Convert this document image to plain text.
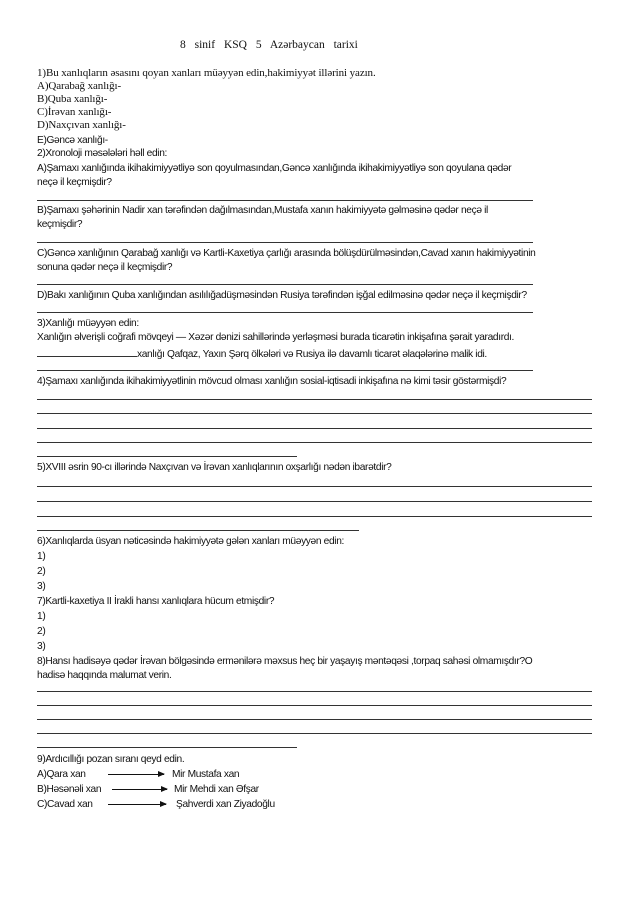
8 sinif KSQ 5 Azərbaycan tarixi
1)Bu xanlıqların əsasını qoyan xanları müəyyən edin,hakimiyyət illərini yazın.
A)Qarabağ xanlığı-
B)Quba xanlığı-
C)İrəvan xanlığı-
D)Naxçıvan xanlığı-
E)Gəncə xanlığı-
2)Xronoloji məsələləri həll edin:
A)Şamaxı xanlığında ikihakimiyyətliyə son qoyulmasından,Gəncə xanlığında ikihakimiyyətliyə son qoyulana qədər
neçə il keçmişdir?
B)Şamaxı şəhərinin Nadir xan tərəfindən dağılmasından,Mustafa xanın hakimiyyətə gəlməsinə qədər neçə il
keçmişdir?
C)Gəncə xanlığının Qarabağ xanlığı və Kartli-Kaxetiya çarlığı arasında bölüşdürülməsindən,Cavad xanın hakimiyyətinin
sonuna qədər neçə il keçmişdir?
D)Bakı xanlığının Quba xanlığından asılılığadüşməsindən Rusiya tərəfindən işğal edilməsinə qədər neçə il keçmişdir?
3)Xanlığı müəyyən edin:
Xanlığın əlverişli coğrafi mövqeyi — Xəzər dənizi sahillərində yerləşməsi burada ticarətin inkişafına şərait yaradırdı.
xanlığı Qafqaz, Yaxın Şərq ölkələri və Rusiya ilə davamlı ticarət əlaqələrinə malik idi.
4)Şamaxı xanlığında ikihakimiyyətlinin mövcud olması xanlığın sosial-iqtisadi inkişafına nə kimi təsir göstərmişdi?
5)XVIII əsrin 90-cı illərində Naxçıvan və İrəvan xanlıqlarının oxşarlığı nədən ibarətdir?
6)Xanlıqlarda üsyan nəticəsində hakimiyyətə gələn xanları müəyyən edin:
1)
2)
3)
7)Kartli-kaxetiya II İrakli hansı xanlıqlara hücum etmişdir?
1)
2)
3)
8)Hansı hadisəyə qədər İrəvan bölgəsində ermənilərə məxsus heç bir yaşayış məntəqəsi ,torpaq sahəsi olmamışdır?O
hadisə haqqında malumat verin.
9)Ardıcıllığı pozan sıranı qeyd edin.
A)Qara xan	Mir Mustafa xan
B)Həsənəli xan	Mir Mehdi xan Əfşar
C)Cavad xan	Şahverdi xan Ziyadoğlu
